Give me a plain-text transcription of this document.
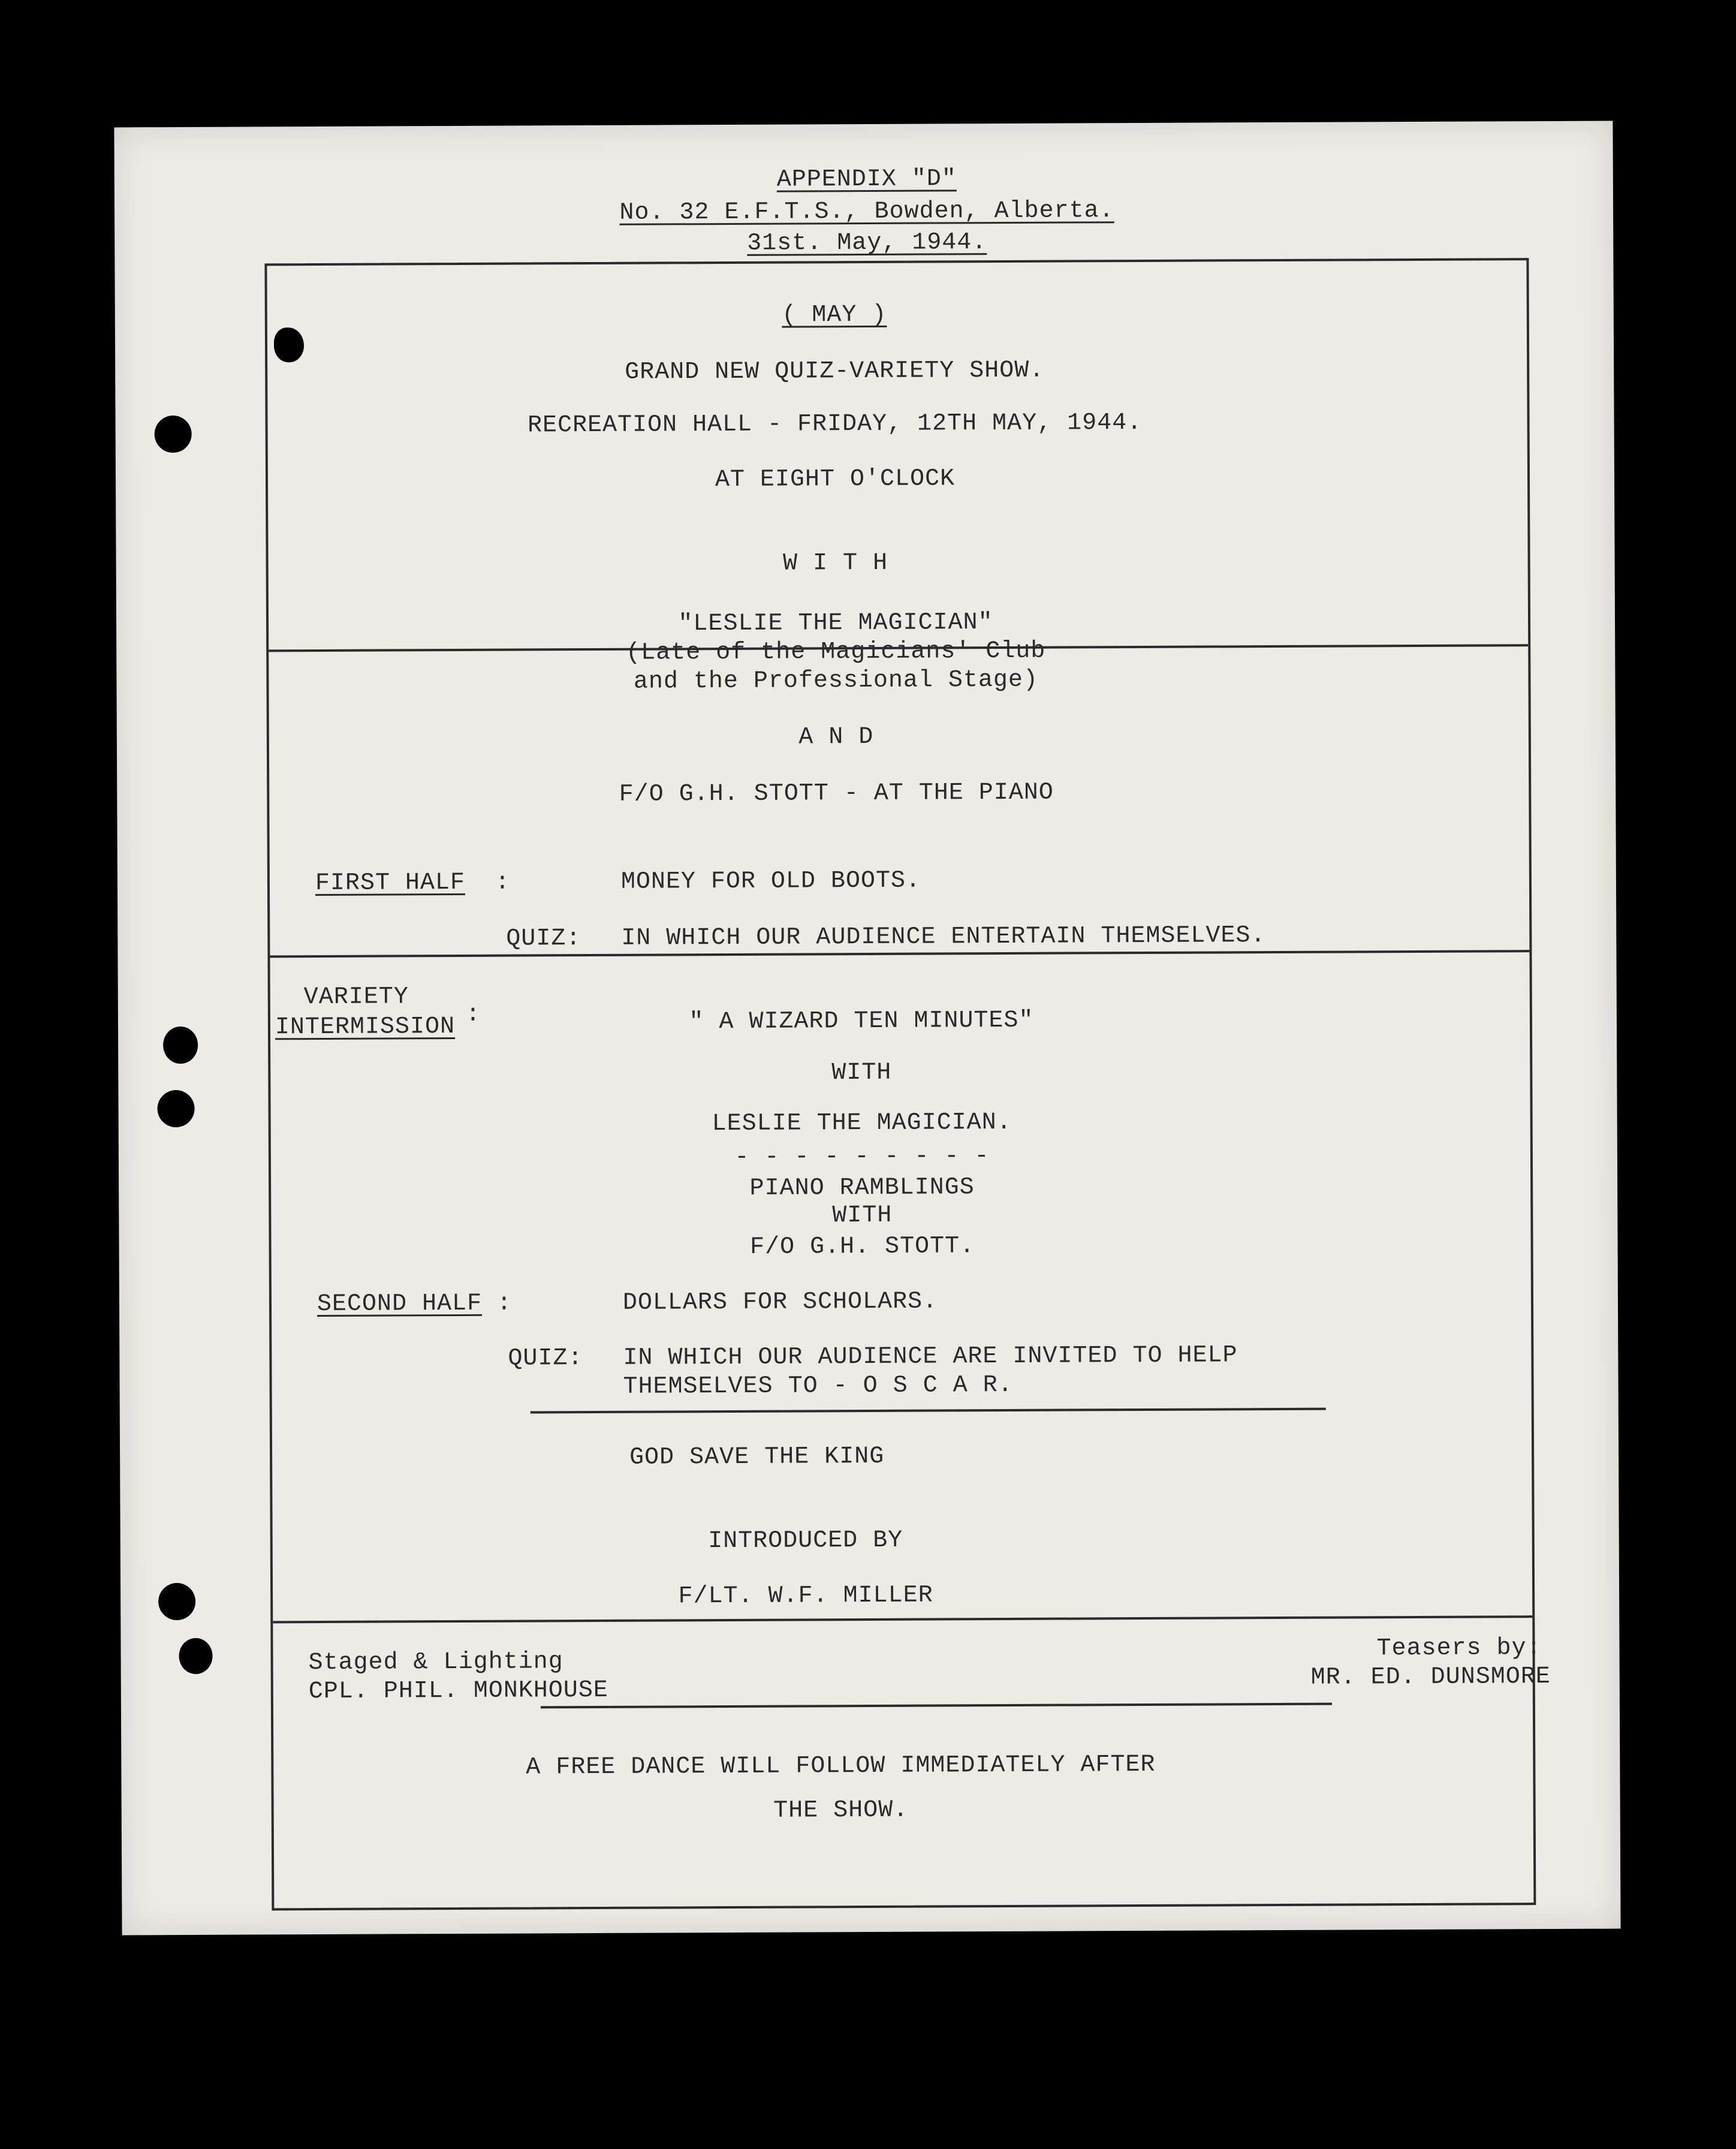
APPENDIX "D"
No. 32 E.F.T.S., Bowden, Alberta.
31st. May, 1944.
( MAY )
GRAND NEW QUIZ-VARIETY SHOW.
RECREATION HALL - FRIDAY, 12TH MAY, 1944.
AT EIGHT O'CLOCK
W I T H
"LESLIE THE MAGICIAN"
(Late of the Magicians' Club
and the Professional Stage)
A N D
F/O G.H. STOTT - AT THE PIANO
FIRST HALF :	MONEY FOR OLD BOOTS.
QUIZ: IN WHICH OUR AUDIENCE ENTERTAIN THEMSELVES.
VARIETY
INTERMISSION :	" A WIZARD TEN MINUTES"
WITH
LESLIE THE MAGICIAN.
- - - - - - - - -
PIANO RAMBLINGS
WITH
F/O G.H. STOTT.
SECOND HALF :	DOLLARS FOR SCHOLARS.
QUIZ: IN WHICH OUR AUDIENCE ARE INVITED TO HELP
THEMSELVES TO - O S C A R.
GOD SAVE THE KING
INTRODUCED BY
F/LT. W.F. MILLER
Staged & Lighting
CPL. PHIL. MONKHOUSE
Teasers by:
MR. ED. DUNSMORE
A FREE DANCE WILL FOLLOW IMMEDIATELY AFTER
THE SHOW.
